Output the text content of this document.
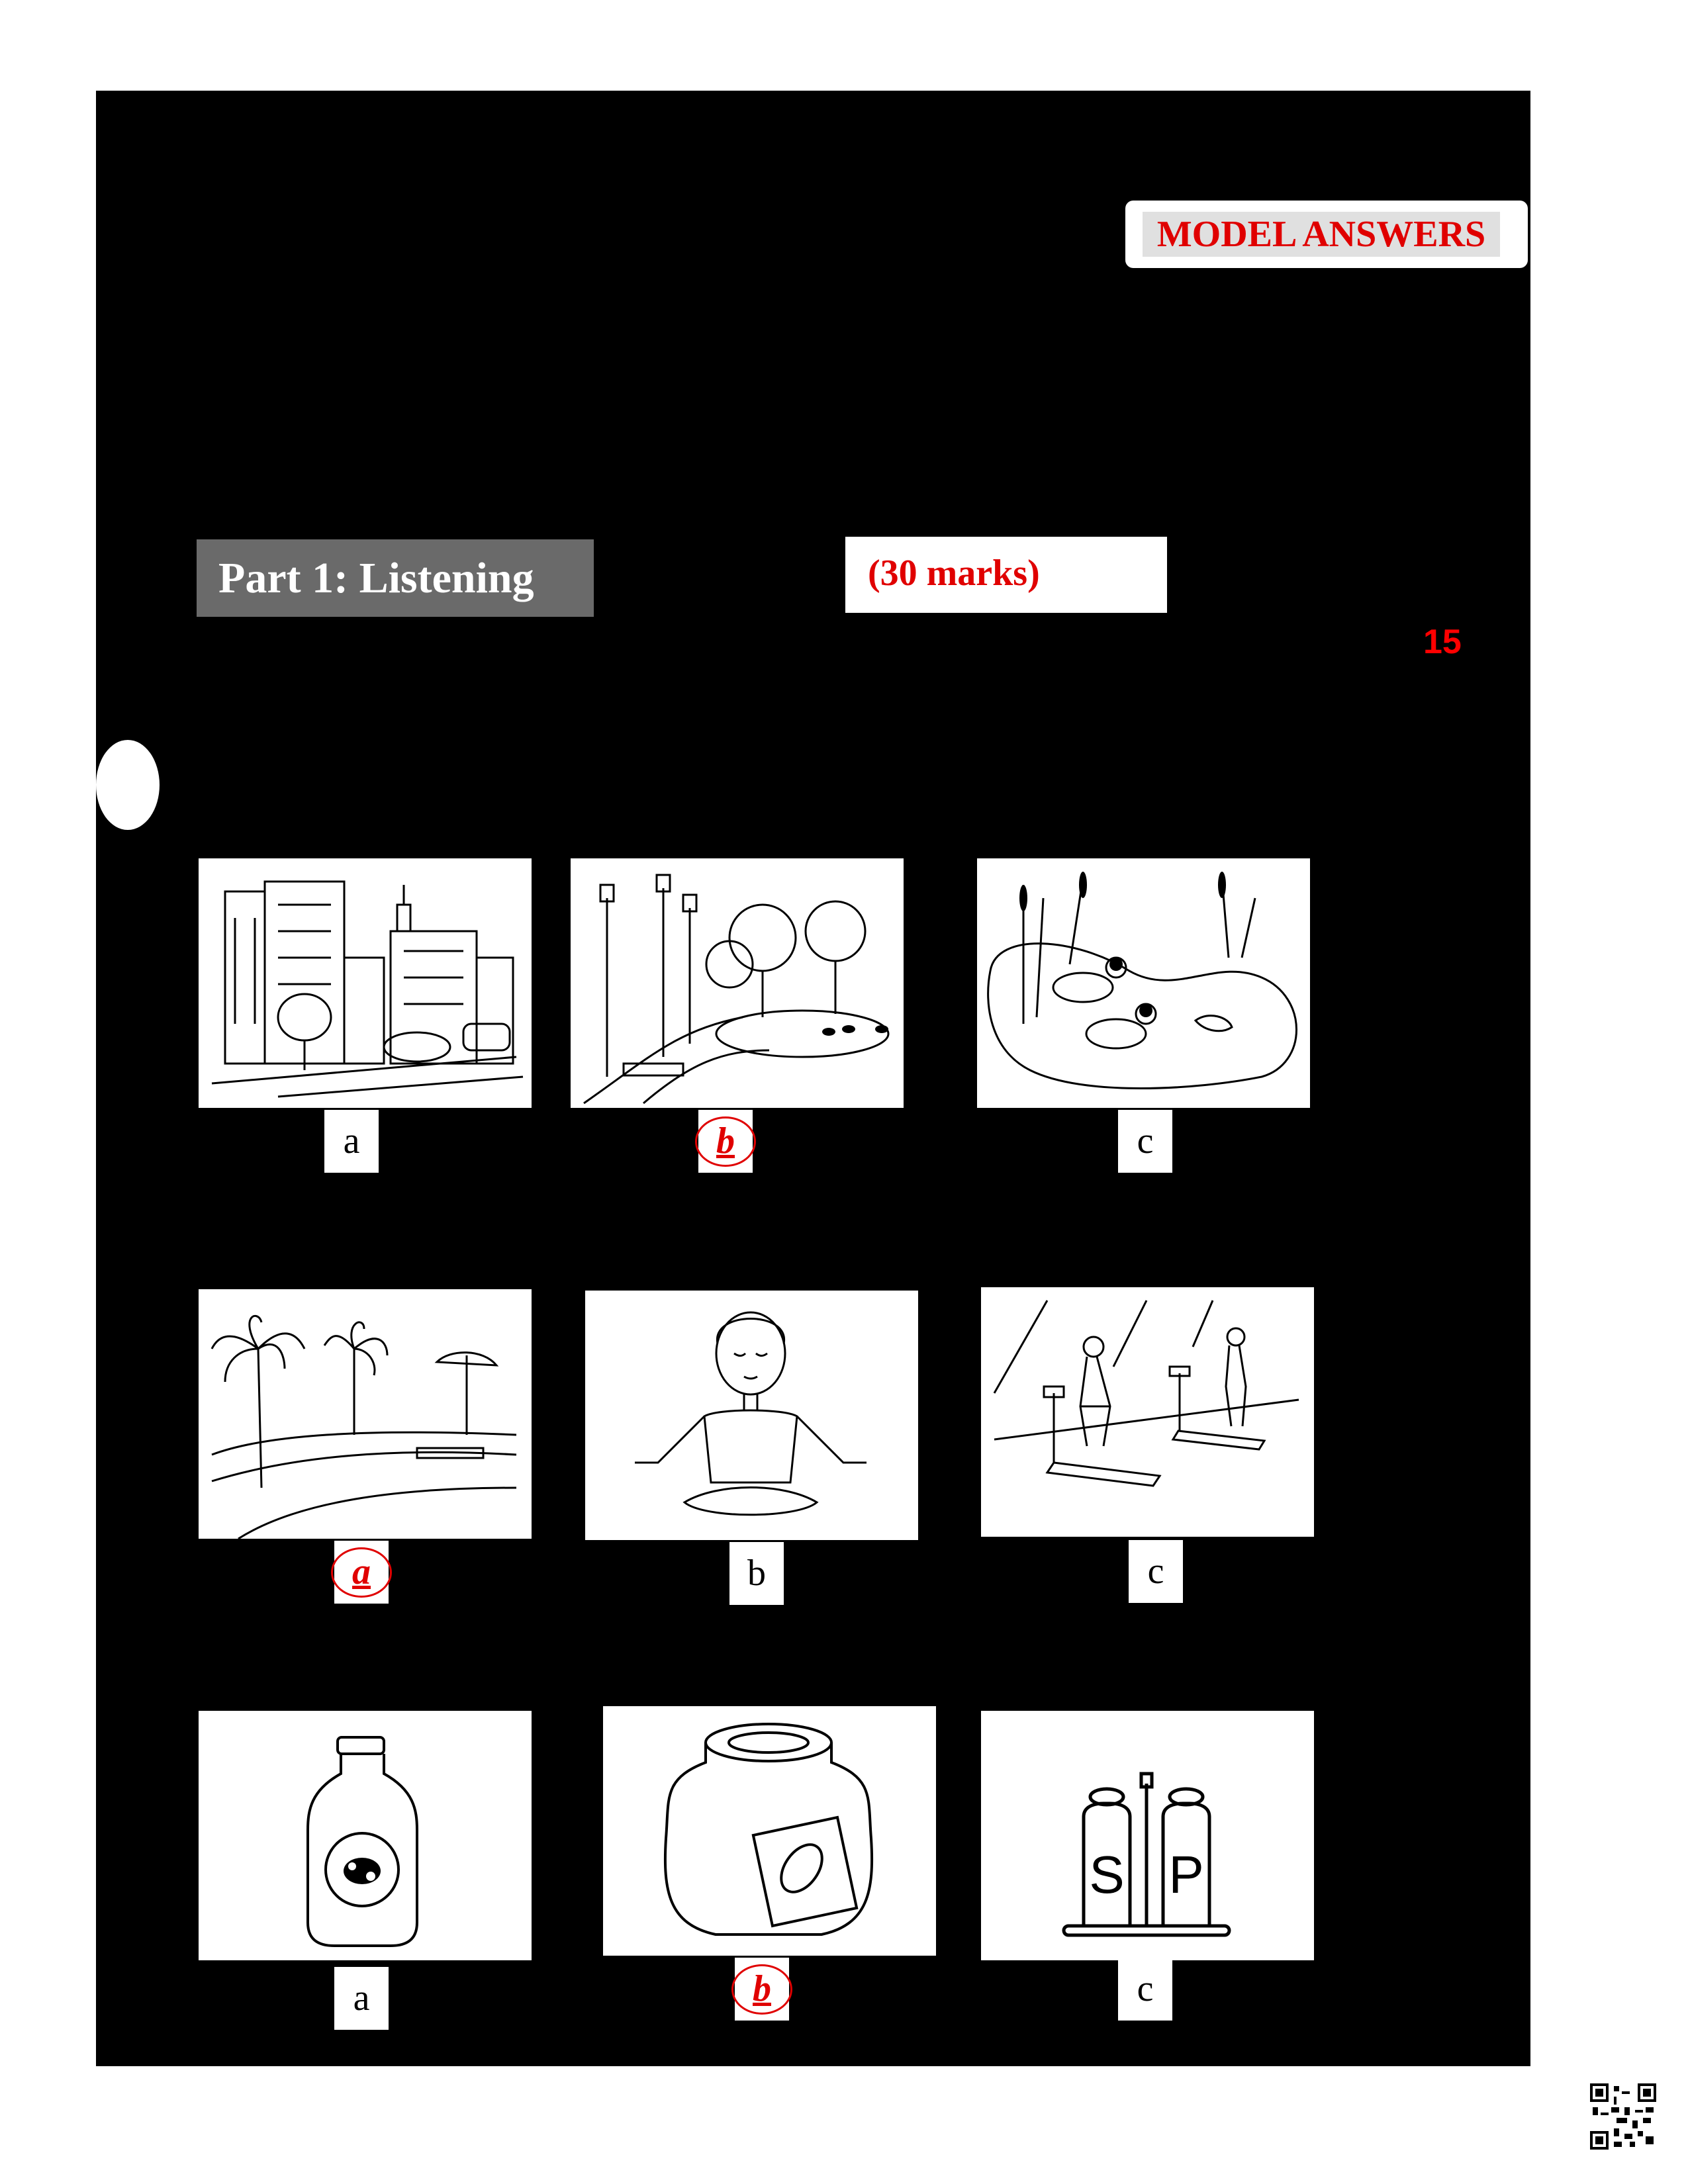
MODEL ANSWERS
Part 1: Listening	(30 marks)
15
a	b	c
a	b	c
a	b
S P
c
